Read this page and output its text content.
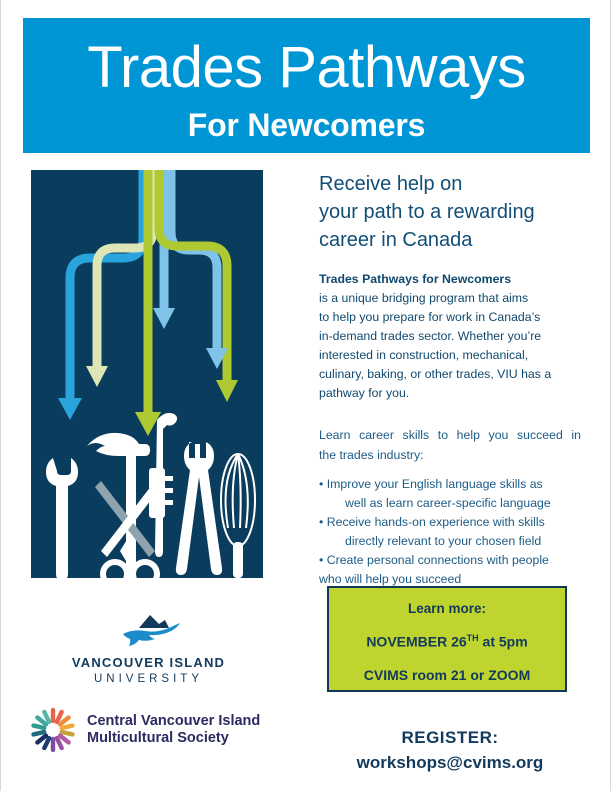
Trades Pathways
For Newcomers
Receive help on
your path to a rewarding
career in Canada
Trades Pathways for Newcomers
is a unique bridging program that aims
to help you prepare for work in Canada’s
in-demand trades sector. Whether you’re
interested in construction, mechanical,
culinary, baking, or other trades, VIU has a
pathway for you.
Learn career skills to help you succeed in
the trades industry:
• Improve your English language skills as
well as learn career-specific language
• Receive hands-on experience with skills
directly relevant to your chosen field
• Create personal connections with people
who will help you succeed
Learn more:
NOVEMBER 26TH at 5pm
CVIMS room 21 or ZOOM
REGISTER:
workshops@cvims.org
VANCOUVER ISLAND
UNIVERSITY
Central Vancouver Island
Multicultural Society
